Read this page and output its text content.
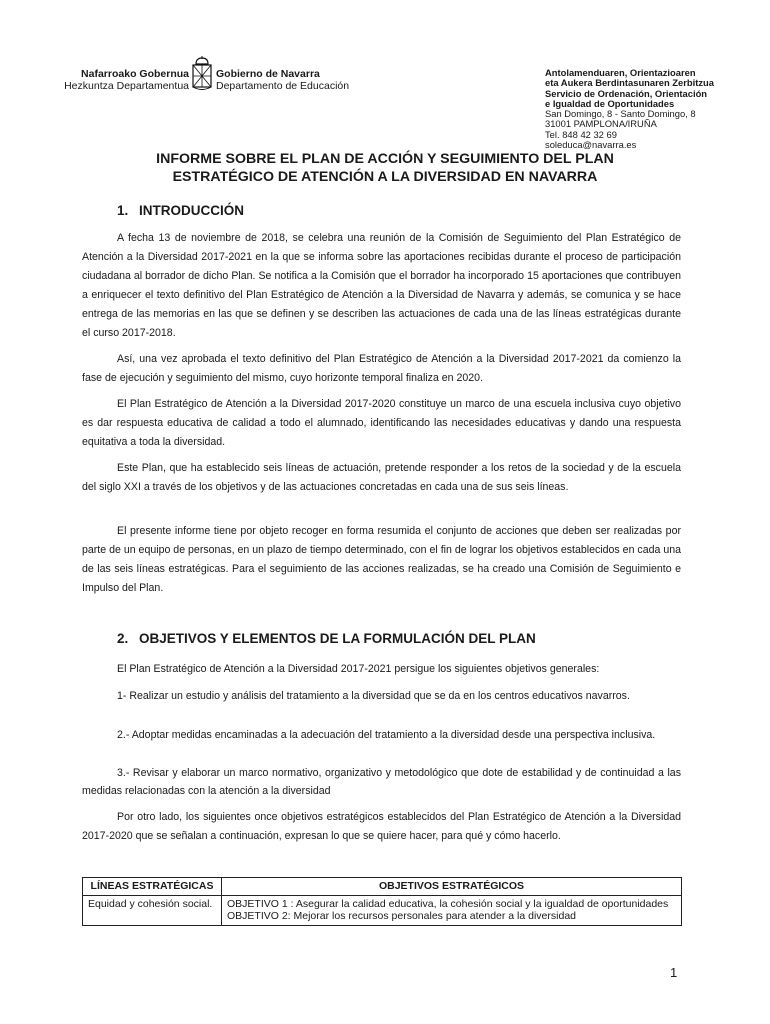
Nafarroako Gobernua
Hezkuntza Departamentua
Gobierno de Navarra
Departamento de Educación
Antolamenduaren, Orientazioaren
eta Aukera Berdintasunaren Zerbitzua
Servicio de Ordenación, Orientación
e Igualdad de Oportunidades
San Domingo, 8 - Santo Domingo, 8
31001 PAMPLONA/IRUÑA
Tel. 848 42 32 69
soleduca@navarra.es
INFORME SOBRE EL PLAN DE ACCIÓN Y SEGUIMIENTO DEL PLAN
ESTRATÉGICO DE ATENCIÓN A LA DIVERSIDAD EN NAVARRA
1. INTRODUCCIÓN

A fecha 13 de noviembre de 2018, se celebra una reunión de la Comisión de Seguimiento del Plan Estratégico de Atención a la Diversidad 2017-2021 en la que se informa sobre las aportaciones recibidas durante el proceso de participación ciudadana al borrador de dicho Plan. Se notifica a la Comisión que el borrador ha incorporado 15 aportaciones que contribuyen a enriquecer el texto definitivo del Plan Estratégico de Atención a la Diversidad de Navarra y además, se comunica y se hace entrega de las memorias en las que se definen y se describen las actuaciones de cada una de las líneas estratégicas durante el curso 2017-2018.

Así, una vez aprobada el texto definitivo del Plan Estratégico de Atención a la Diversidad 2017-2021 da comienzo la fase de ejecución y seguimiento del mismo, cuyo horizonte temporal finaliza en 2020.

El Plan Estratégico de Atención a la Diversidad 2017-2020 constituye un marco de una escuela inclusiva cuyo objetivo es dar respuesta educativa de calidad a todo el alumnado, identificando las necesidades educativas y dando una respuesta equitativa a toda la diversidad.

Este Plan, que ha establecido seis líneas de actuación, pretende responder a los retos de la sociedad y de la escuela del siglo XXI a través de los objetivos y de las actuaciones concretadas en cada una de sus seis líneas.

El presente informe tiene por objeto recoger en forma resumida el conjunto de acciones que deben ser realizadas por parte de un equipo de personas, en un plazo de tiempo determinado, con el fin de lograr los objetivos establecidos en cada una de las seis líneas estratégicas. Para el seguimiento de las acciones realizadas, se ha creado una Comisión de Seguimiento e Impulso del Plan.

2. OBJETIVOS Y ELEMENTOS DE LA FORMULACIÓN DEL PLAN

El Plan Estratégico de Atención a la Diversidad 2017-2021 persigue los siguientes objetivos generales:

1- Realizar un estudio y análisis del tratamiento a la diversidad que se da en los centros educativos navarros.

2.- Adoptar medidas encaminadas a la adecuación del tratamiento a la diversidad desde una perspectiva inclusiva.

3.- Revisar y elaborar un marco normativo, organizativo y metodológico que dote de estabilidad y de continuidad a las medidas relacionadas con la atención a la diversidad

Por otro lado, los siguientes once objetivos estratégicos establecidos del Plan Estratégico de Atención a la Diversidad 2017-2020 que se señalan a continuación, expresan lo que se quiere hacer, para qué y cómo hacerlo.

LÍNEAS ESTRATÉGICAS	OBJETIVOS ESTRATÉGICOS
Equidad y cohesión social.	OBJETIVO 1 : Asegurar la calidad educativa, la cohesión social y la igualdad de oportunidades
OBJETIVO 2: Mejorar los recursos personales para atender a la diversidad
1
